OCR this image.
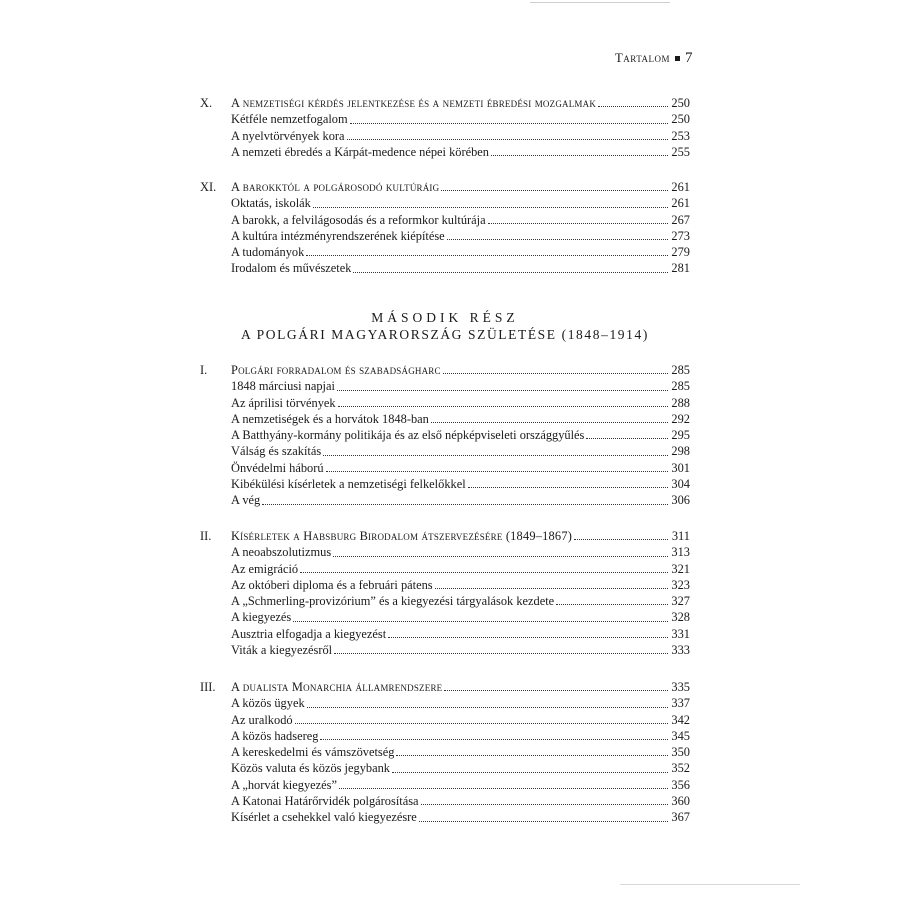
Tartalom 7
X.	A nemzetiségi kérdés jelentkezése és a nemzeti ébredési mozgalmak	250
Kétféle nemzetfogalom	250
A nyelvtörvények kora	253
A nemzeti ébredés a Kárpát-medence népei körében	255
XI.	A barokktól a polgárosodó kultúráig	261
Oktatás, iskolák	261
A barokk, a felvilágosodás és a reformkor kultúrája	267
A kultúra intézményrendszerének kiépítése	273
A tudományok	279
Irodalom és művészetek	281
MÁSODIK RÉSZ
A POLGÁRI MAGYARORSZÁG SZÜLETÉSE (1848–1914)
I.	Polgári forradalom és szabadságharc	285
1848 márciusi napjai	285
Az áprilisi törvények	288
A nemzetiségek és a horvátok 1848-ban	292
A Batthyány-kormány politikája és az első népképviseleti országgyűlés	295
Válság és szakítás	298
Önvédelmi háború	301
Kibékülési kísérletek a nemzetiségi felkelőkkel	304
A vég	306
II.	Kísérletek a Habsburg Birodalom átszervezésére (1849–1867)	311
A neoabszolutizmus	313
Az emigráció	321
Az októberi diploma és a februári pátens	323
A „Schmerling-provizórium” és a kiegyezési tárgyalások kezdete	327
A kiegyezés	328
Ausztria elfogadja a kiegyezést	331
Viták a kiegyezésről	333
III.	A dualista Monarchia államrendszere	335
A közös ügyek	337
Az uralkodó	342
A közös hadsereg	345
A kereskedelmi és vámszövetség	350
Közös valuta és közös jegybank	352
A „horvát kiegyezés”	356
A Katonai Határőrvidék polgárosítása	360
Kísérlet a csehekkel való kiegyezésre	367
